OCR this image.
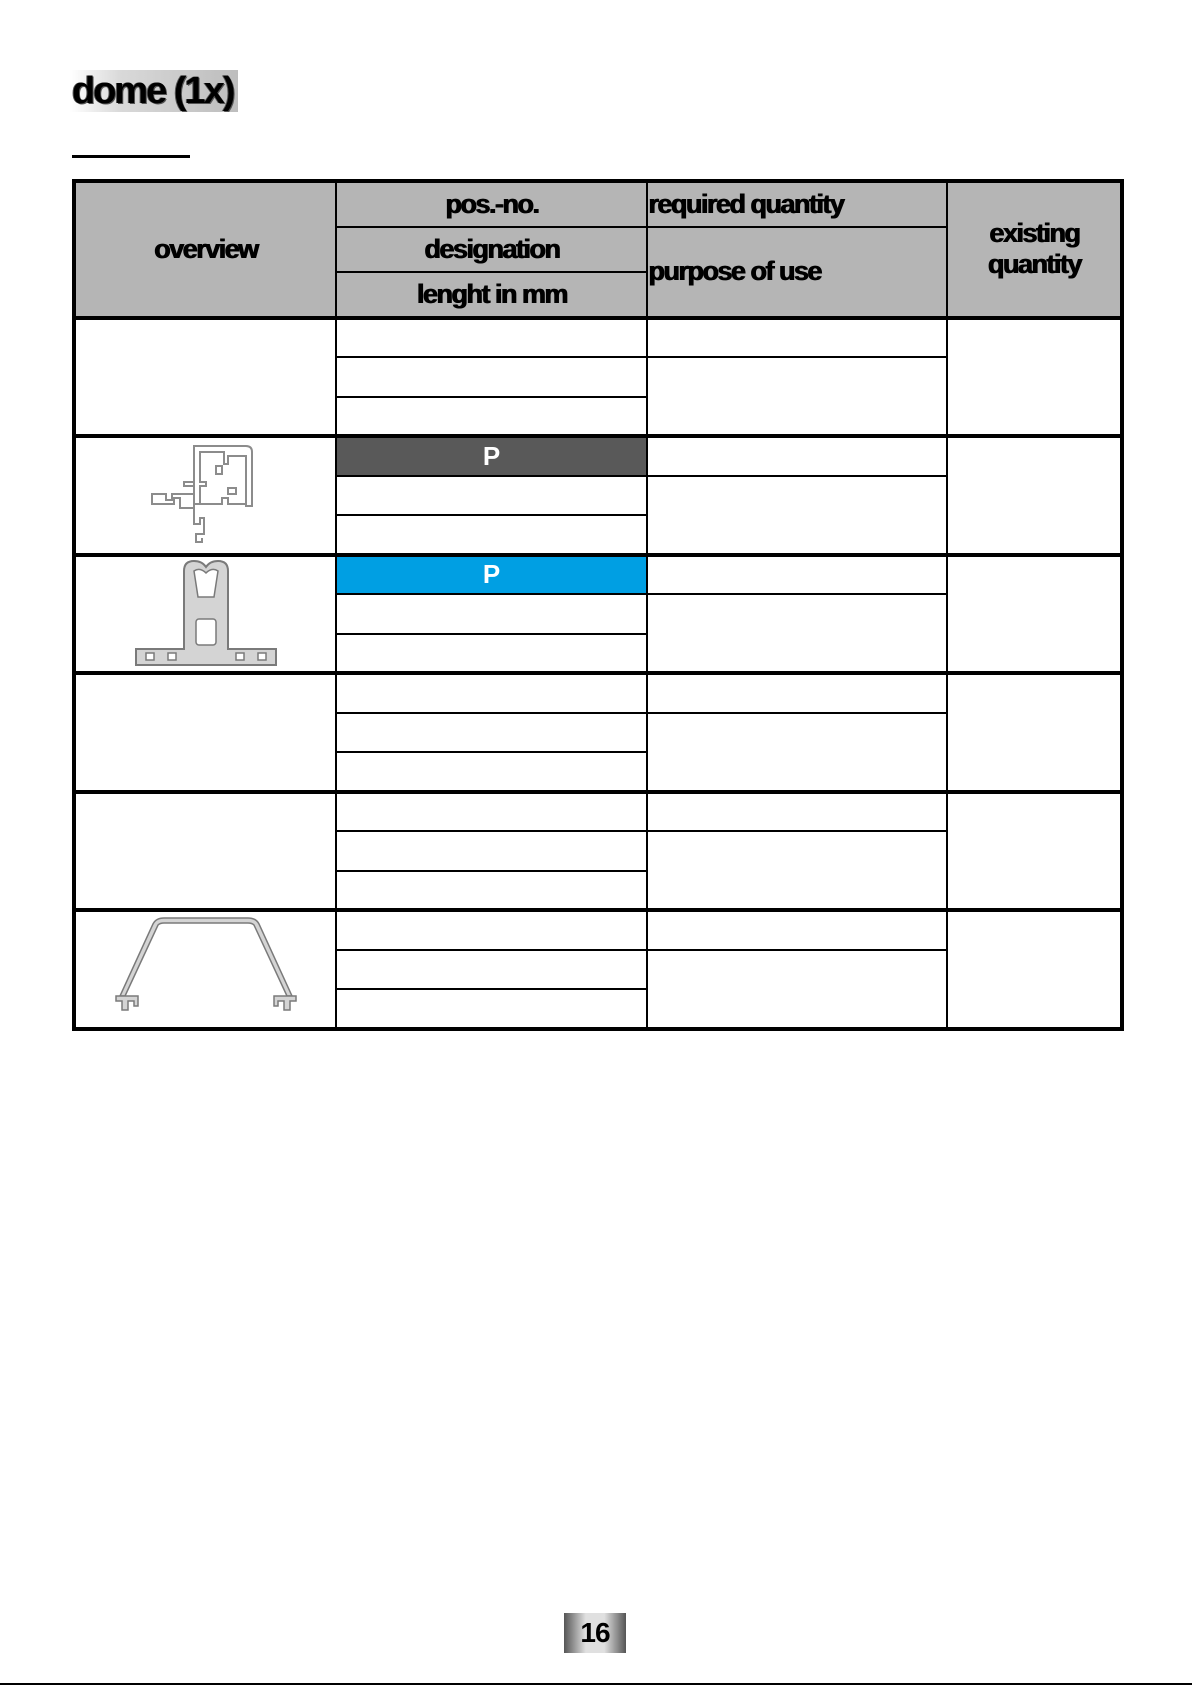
dome (1x)
overview	pos.-no.	required quantity	existing quantity
	designation	purpose of use	
	lenght in mm		

	P		

	P		

16
